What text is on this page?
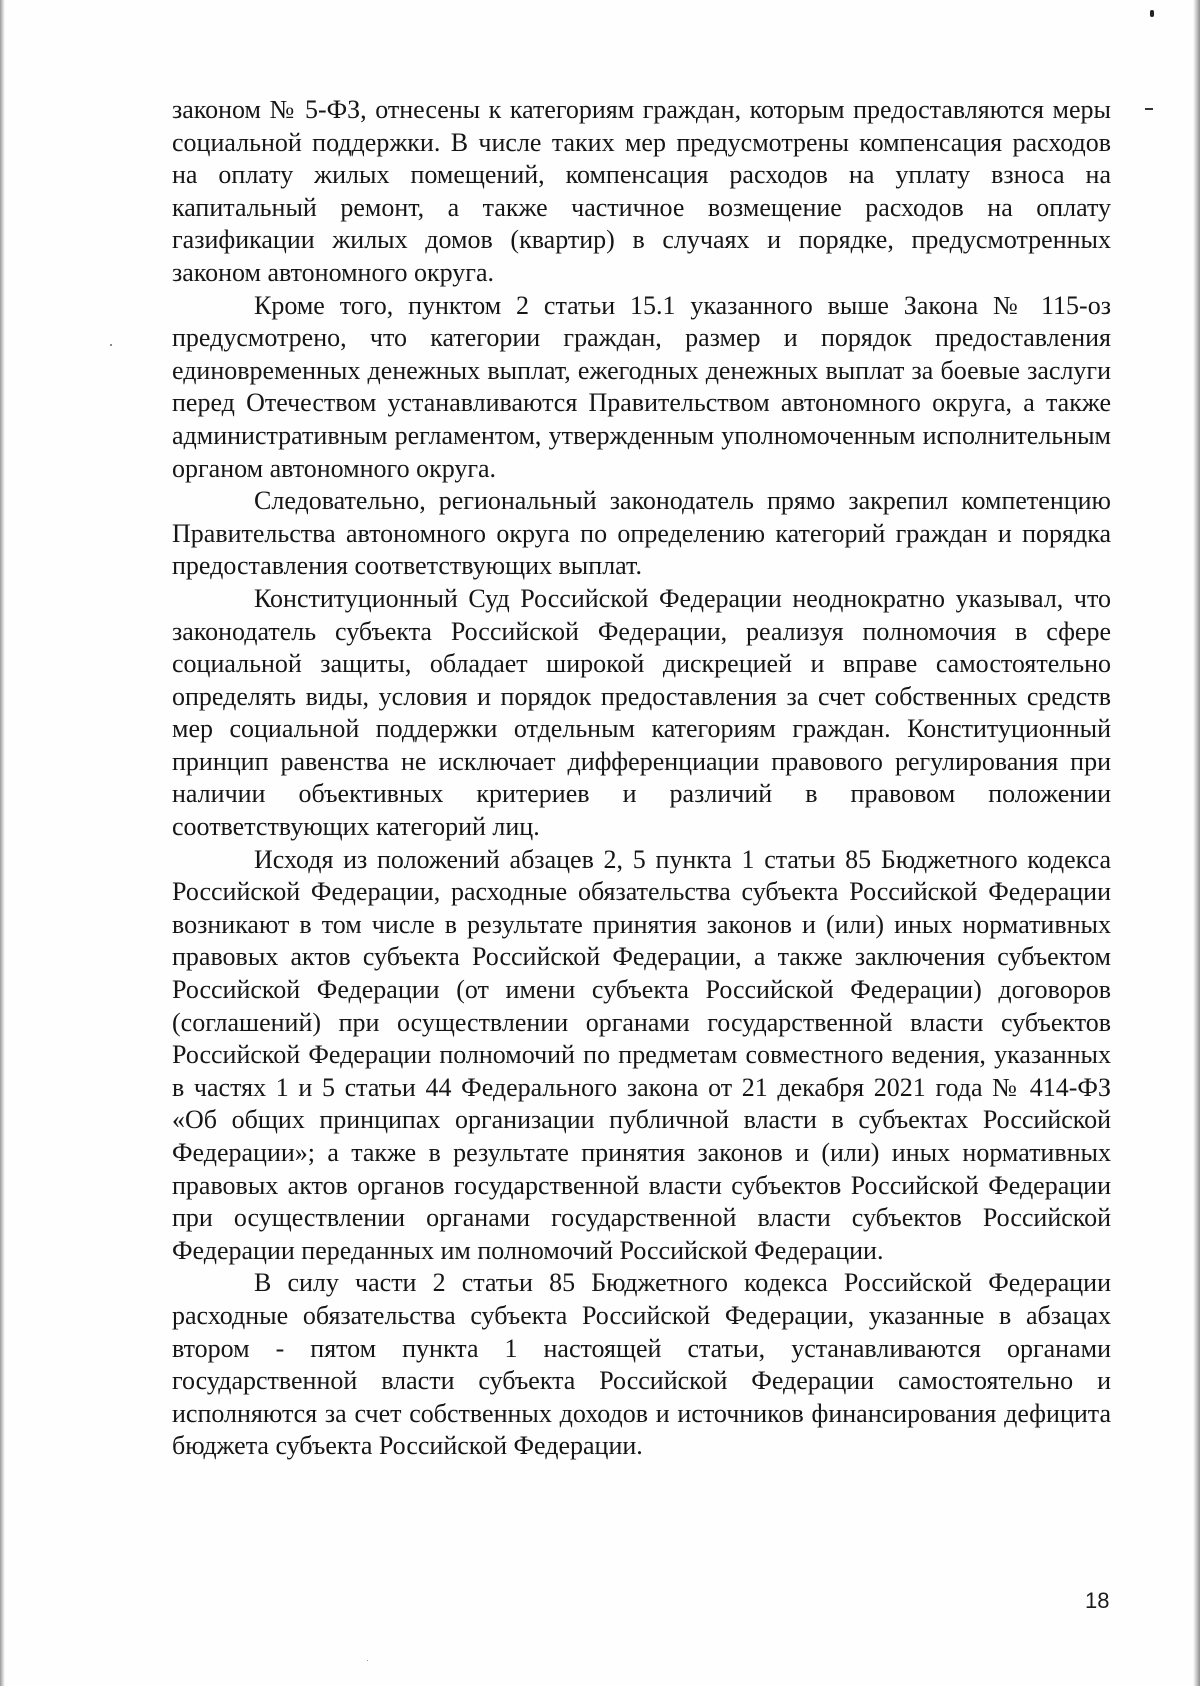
законом № 5-ФЗ, отнесены к категориям граждан, которым предоставляются меры социальной поддержки. В числе таких мер предусмотрены компенсация расходов на оплату жилых помещений, компенсация расходов на уплату взноса на капитальный ремонт, а также частичное возмещение расходов на оплату газификации жилых домов (квартир) в случаях и порядке, предусмотренных законом автономного округа.

Кроме того, пунктом 2 статьи 15.1 указанного выше Закона № 115-оз предусмотрено, что категории граждан, размер и порядок предоставления единовременных денежных выплат, ежегодных денежных выплат за боевые заслуги перед Отечеством устанавливаются Правительством автономного округа, а также административным регламентом, утвержденным уполномоченным исполнительным органом автономного округа.

Следовательно, региональный законодатель прямо закрепил компетенцию Правительства автономного округа по определению категорий граждан и порядка предоставления соответствующих выплат.

Конституционный Суд Российской Федерации неоднократно указывал, что законодатель субъекта Российской Федерации, реализуя полномочия в сфере социальной защиты, обладает широкой дискрецией и вправе самостоятельно определять виды, условия и порядок предоставления за счет собственных средств мер социальной поддержки отдельным категориям граждан. Конституционный принцип равенства не исключает дифференциации правового регулирования при наличии объективных критериев и различий в правовом положении соответствующих категорий лиц.

Исходя из положений абзацев 2, 5 пункта 1 статьи 85 Бюджетного кодекса Российской Федерации, расходные обязательства субъекта Российской Федерации возникают в том числе в результате принятия законов и (или) иных нормативных правовых актов субъекта Российской Федерации, а также заключения субъектом Российской Федерации (от имени субъекта Российской Федерации) договоров (соглашений) при осуществлении органами государственной власти субъектов Российской Федерации полномочий по предметам совместного ведения, указанных в частях 1 и 5 статьи 44 Федерального закона от 21 декабря 2021 года № 414-ФЗ «Об общих принципах организации публичной власти в субъектах Российской Федерации»; а также в результате принятия законов и (или) иных нормативных правовых актов органов государственной власти субъектов Российской Федерации при осуществлении органами государственной власти субъектов Российской Федерации переданных им полномочий Российской Федерации.

В силу части 2 статьи 85 Бюджетного кодекса Российской Федерации расходные обязательства субъекта Российской Федерации, указанные в абзацах втором - пятом пункта 1 настоящей статьи, устанавливаются органами государственной власти субъекта Российской Федерации самостоятельно и исполняются за счет собственных доходов и источников финансирования дефицита бюджета субъекта Российской Федерации.

18
